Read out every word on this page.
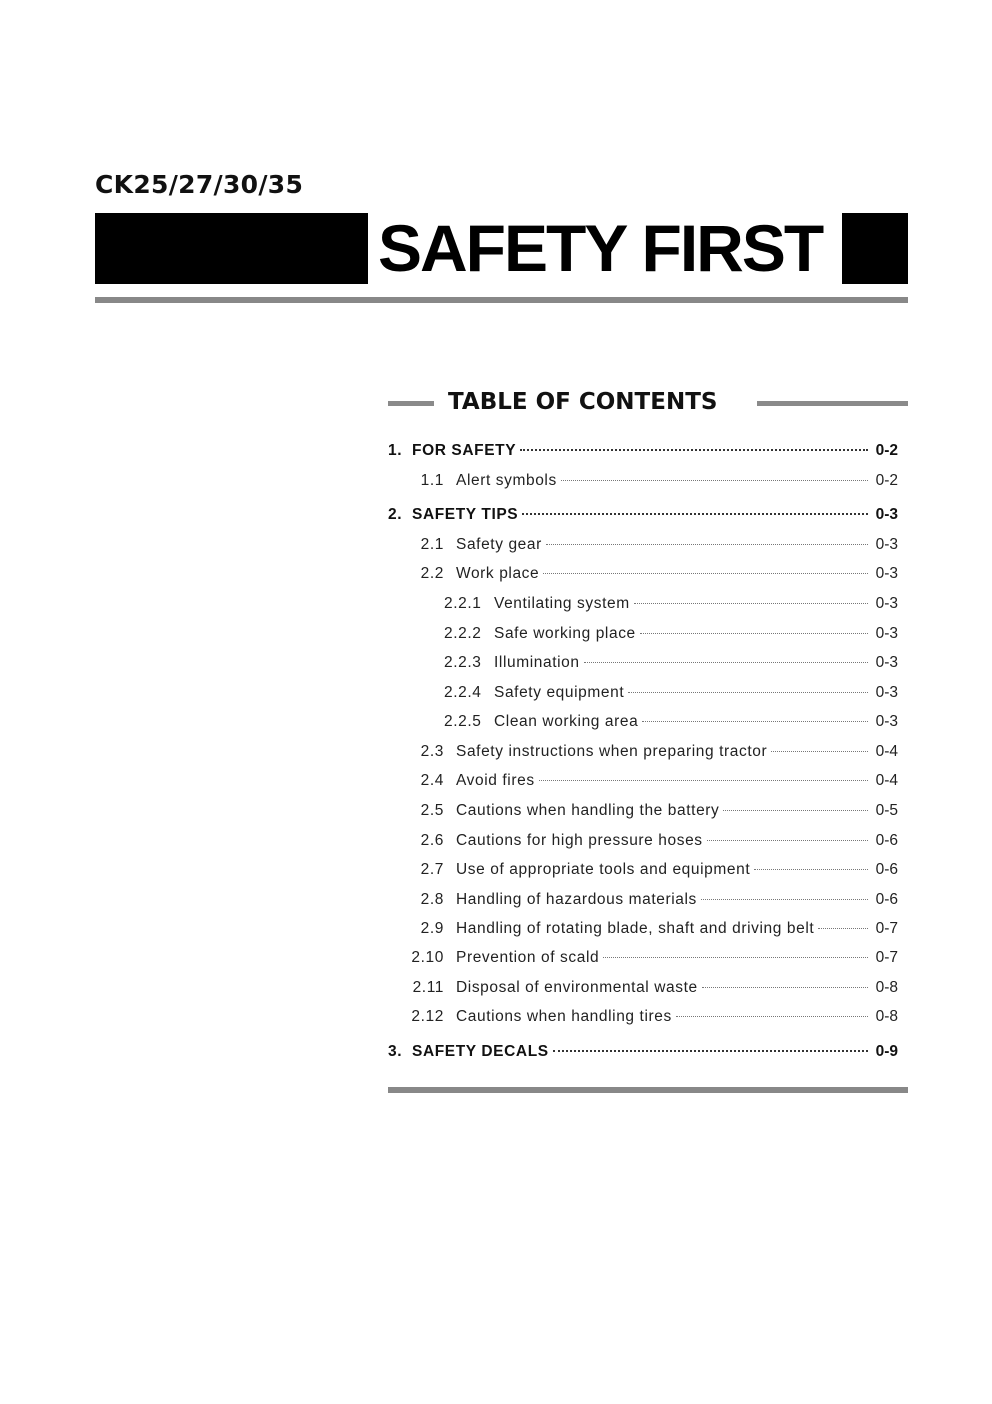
CK25/27/30/35
SAFETY FIRST
TABLE OF CONTENTS
1. FOR SAFETY	0-2
1.1 Alert symbols	0-2
2. SAFETY TIPS	0-3
2.1 Safety gear	0-3
2.2 Work place	0-3
2.2.1 Ventilating system	0-3
2.2.2 Safe working place	0-3
2.2.3 Illumination	0-3
2.2.4 Safety equipment	0-3
2.2.5 Clean working area	0-3
2.3 Safety instructions when preparing tractor	0-4
2.4 Avoid fires	0-4
2.5 Cautions when handling the battery	0-5
2.6 Cautions for high pressure hoses	0-6
2.7 Use of appropriate tools and equipment	0-6
2.8 Handling of hazardous materials	0-6
2.9 Handling of rotating blade, shaft and driving belt	0-7
2.10 Prevention of scald	0-7
2.11 Disposal of environmental waste	0-8
2.12 Cautions when handling tires	0-8
3. SAFETY DECALS	0-9
